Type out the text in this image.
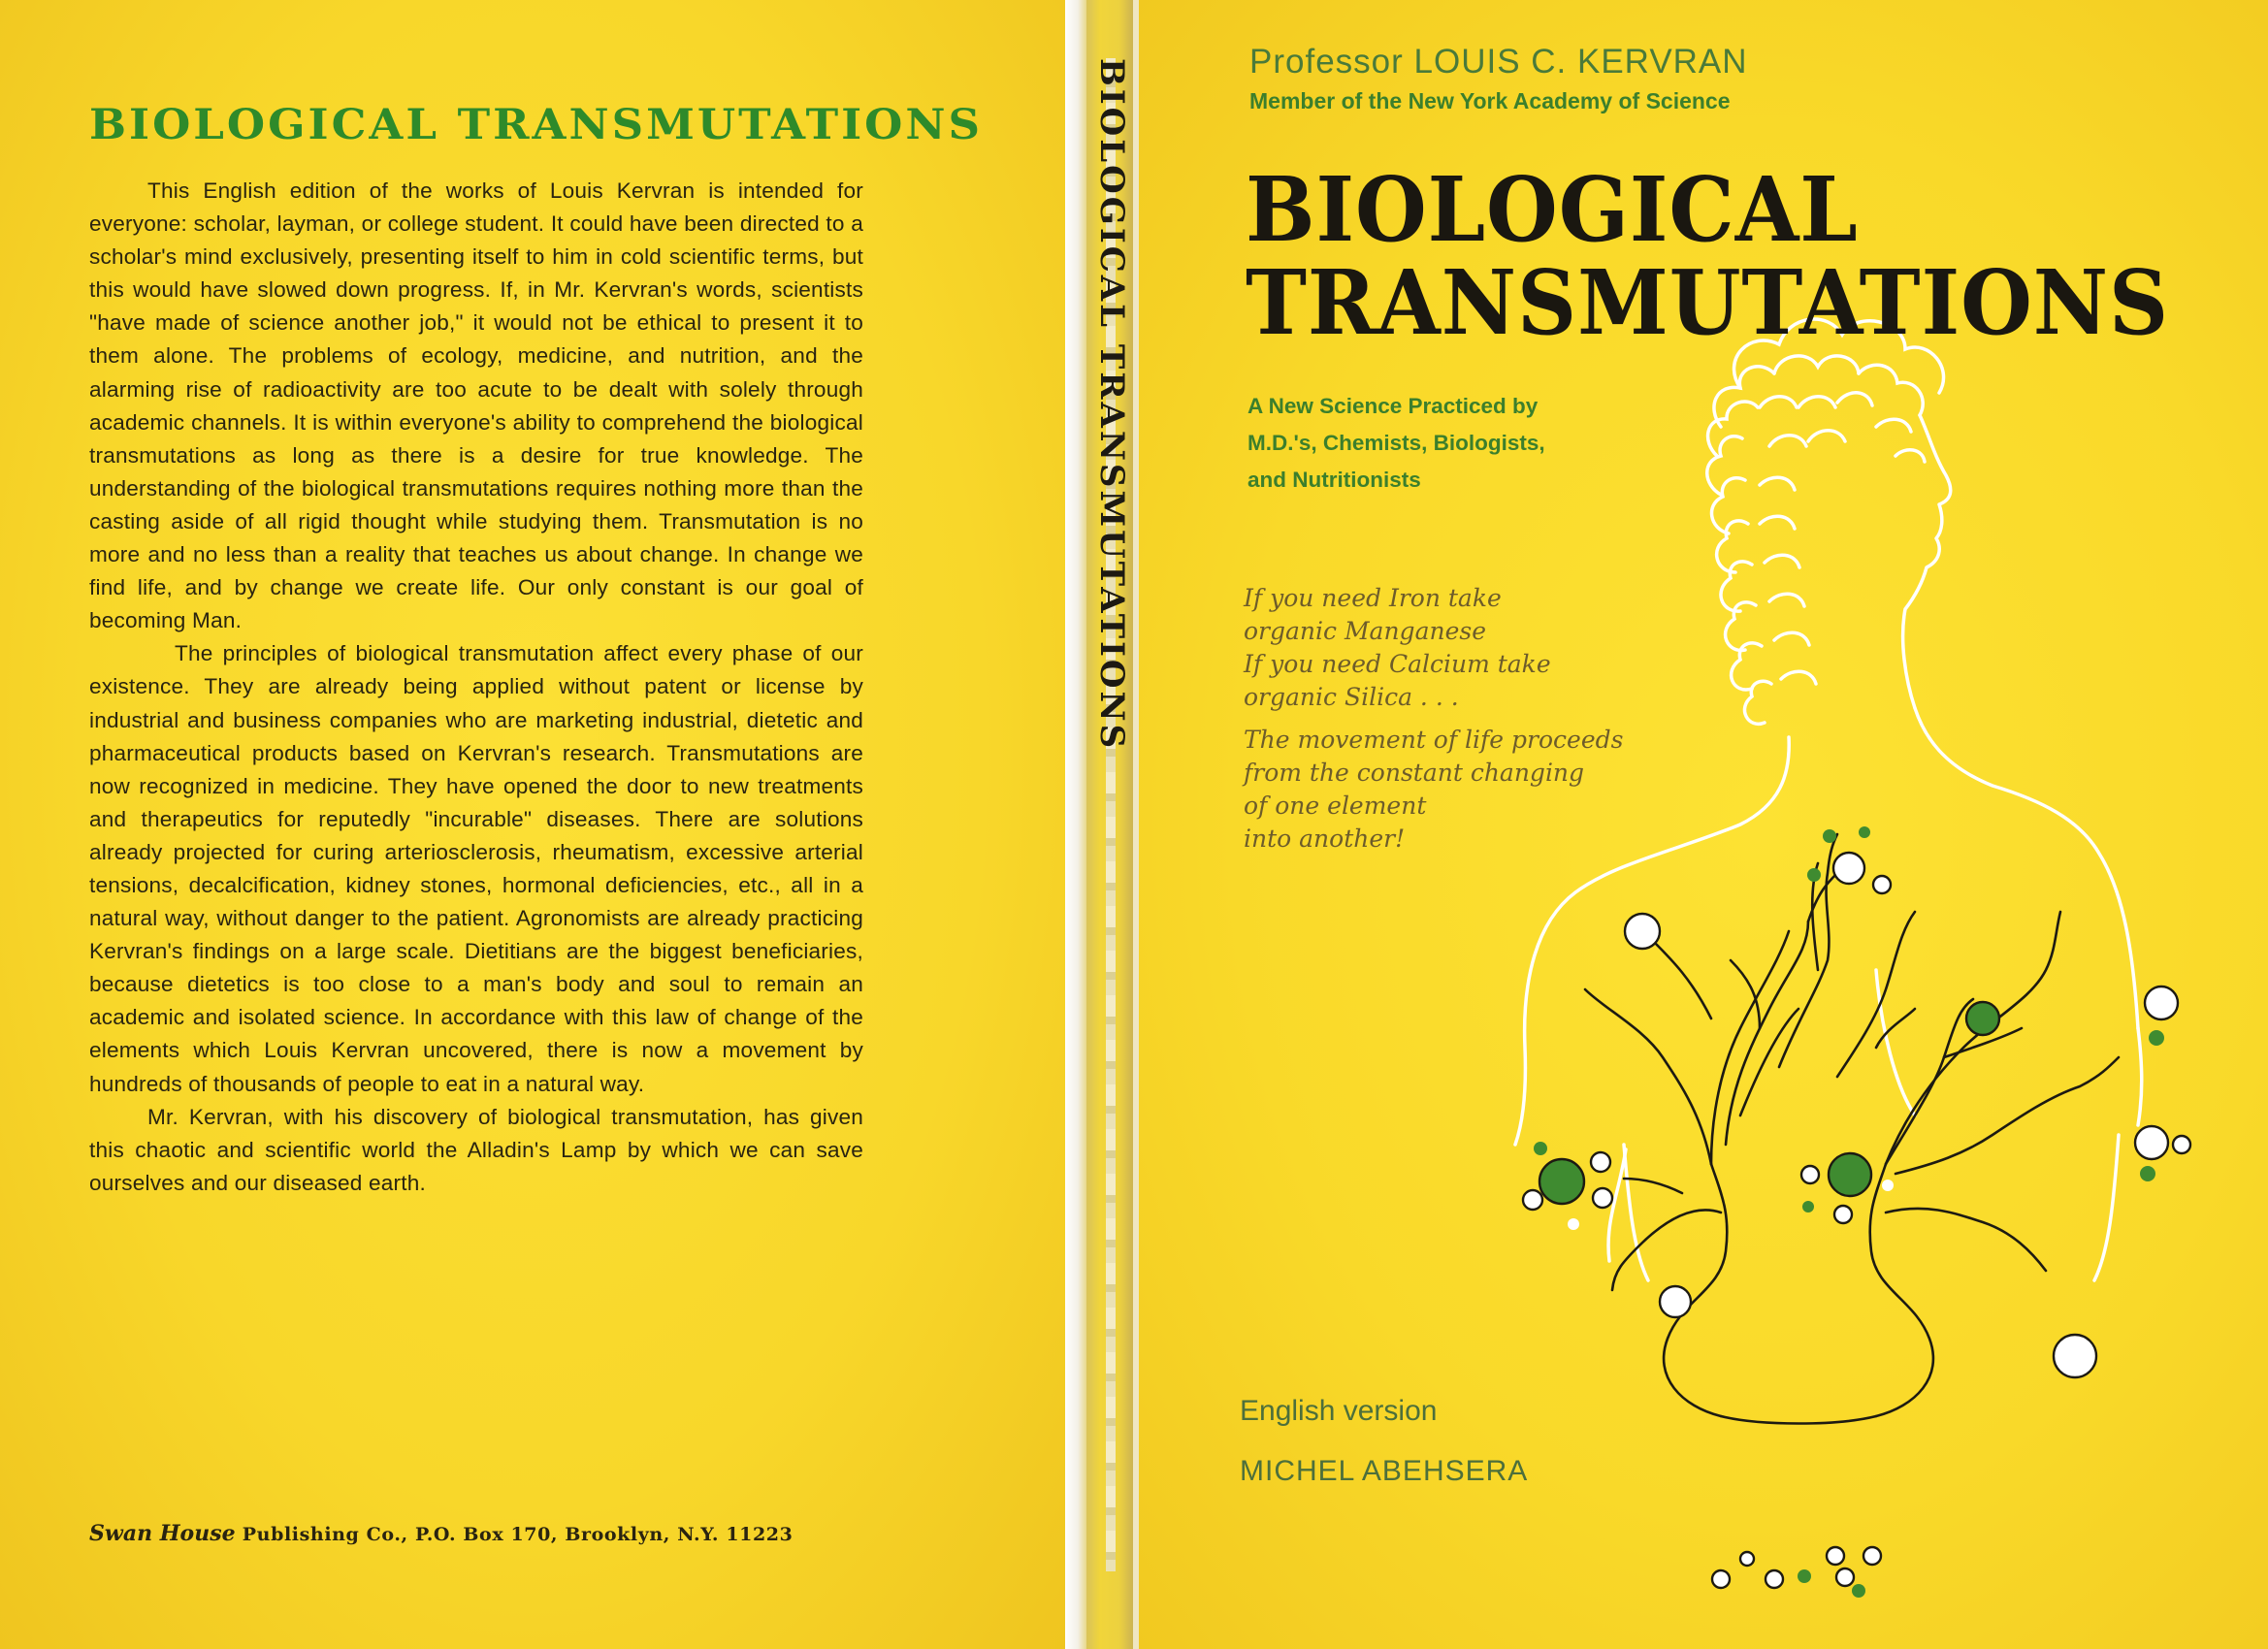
BIOLOGICAL TRANSMUTATIONS

This English edition of the works of Louis Kervran is intended for everyone: scholar, layman, or college student. It could have been directed to a scholar's mind exclusively, presenting itself to him in cold scientific terms, but this would have slowed down progress. If, in Mr. Kervran's words, scientists "have made of science another job," it would not be ethical to present it to them alone. The problems of ecology, medicine, and nutrition, and the alarming rise of radioactivity are too acute to be dealt with solely through academic channels. It is within everyone's ability to comprehend the biological transmutations as long as there is a desire for true knowledge. The understanding of the biological transmutations requires nothing more than the casting aside of all rigid thought while studying them. Transmutation is no more and no less than a reality that teaches us about change. In change we find life, and by change we create life. Our only constant is our goal of becoming Man.

The principles of biological transmutation affect every phase of our existence. They are already being applied without patent or license by industrial and business companies who are marketing industrial, dietetic and pharmaceutical products based on Kervran's research. Transmutations are now recognized in medicine. They have opened the door to new treatments and therapeutics for reputedly "incurable" diseases. There are solutions already projected for curing arteriosclerosis, rheumatism, excessive arterial tensions, decalcification, kidney stones, hormonal deficiencies, etc., all in a natural way, without danger to the patient. Agronomists are already practicing Kervran's findings on a large scale. Dietitians are the biggest beneficiaries, because dietetics is too close to a man's body and soul to remain an academic and isolated science. In accordance with this law of change of the elements which Louis Kervran uncovered, there is now a movement by hundreds of thousands of people to eat in a natural way.

Mr. Kervran, with his discovery of biological transmutation, has given this chaotic and scientific world the Alladin's Lamp by which we can save ourselves and our diseased earth.

Swan House Publishing Co., P.O. Box 170, Brooklyn, N.Y. 11223
BIOLOGICAL TRANSMUTATIONS	Professor LOUIS C. KERVRAN
Member of the New York Academy of Science
BIOLOGICAL
TRANSMUTATIONS
A New Science Practiced by
M.D.'s, Chemists, Biologists,
and Nutritionists
If you need Iron take
organic Manganese
If you need Calcium take
organic Silica . . .
The movement of life proceeds
from the constant changing
of one element
into another!
English version
MICHEL ABEHSERA
